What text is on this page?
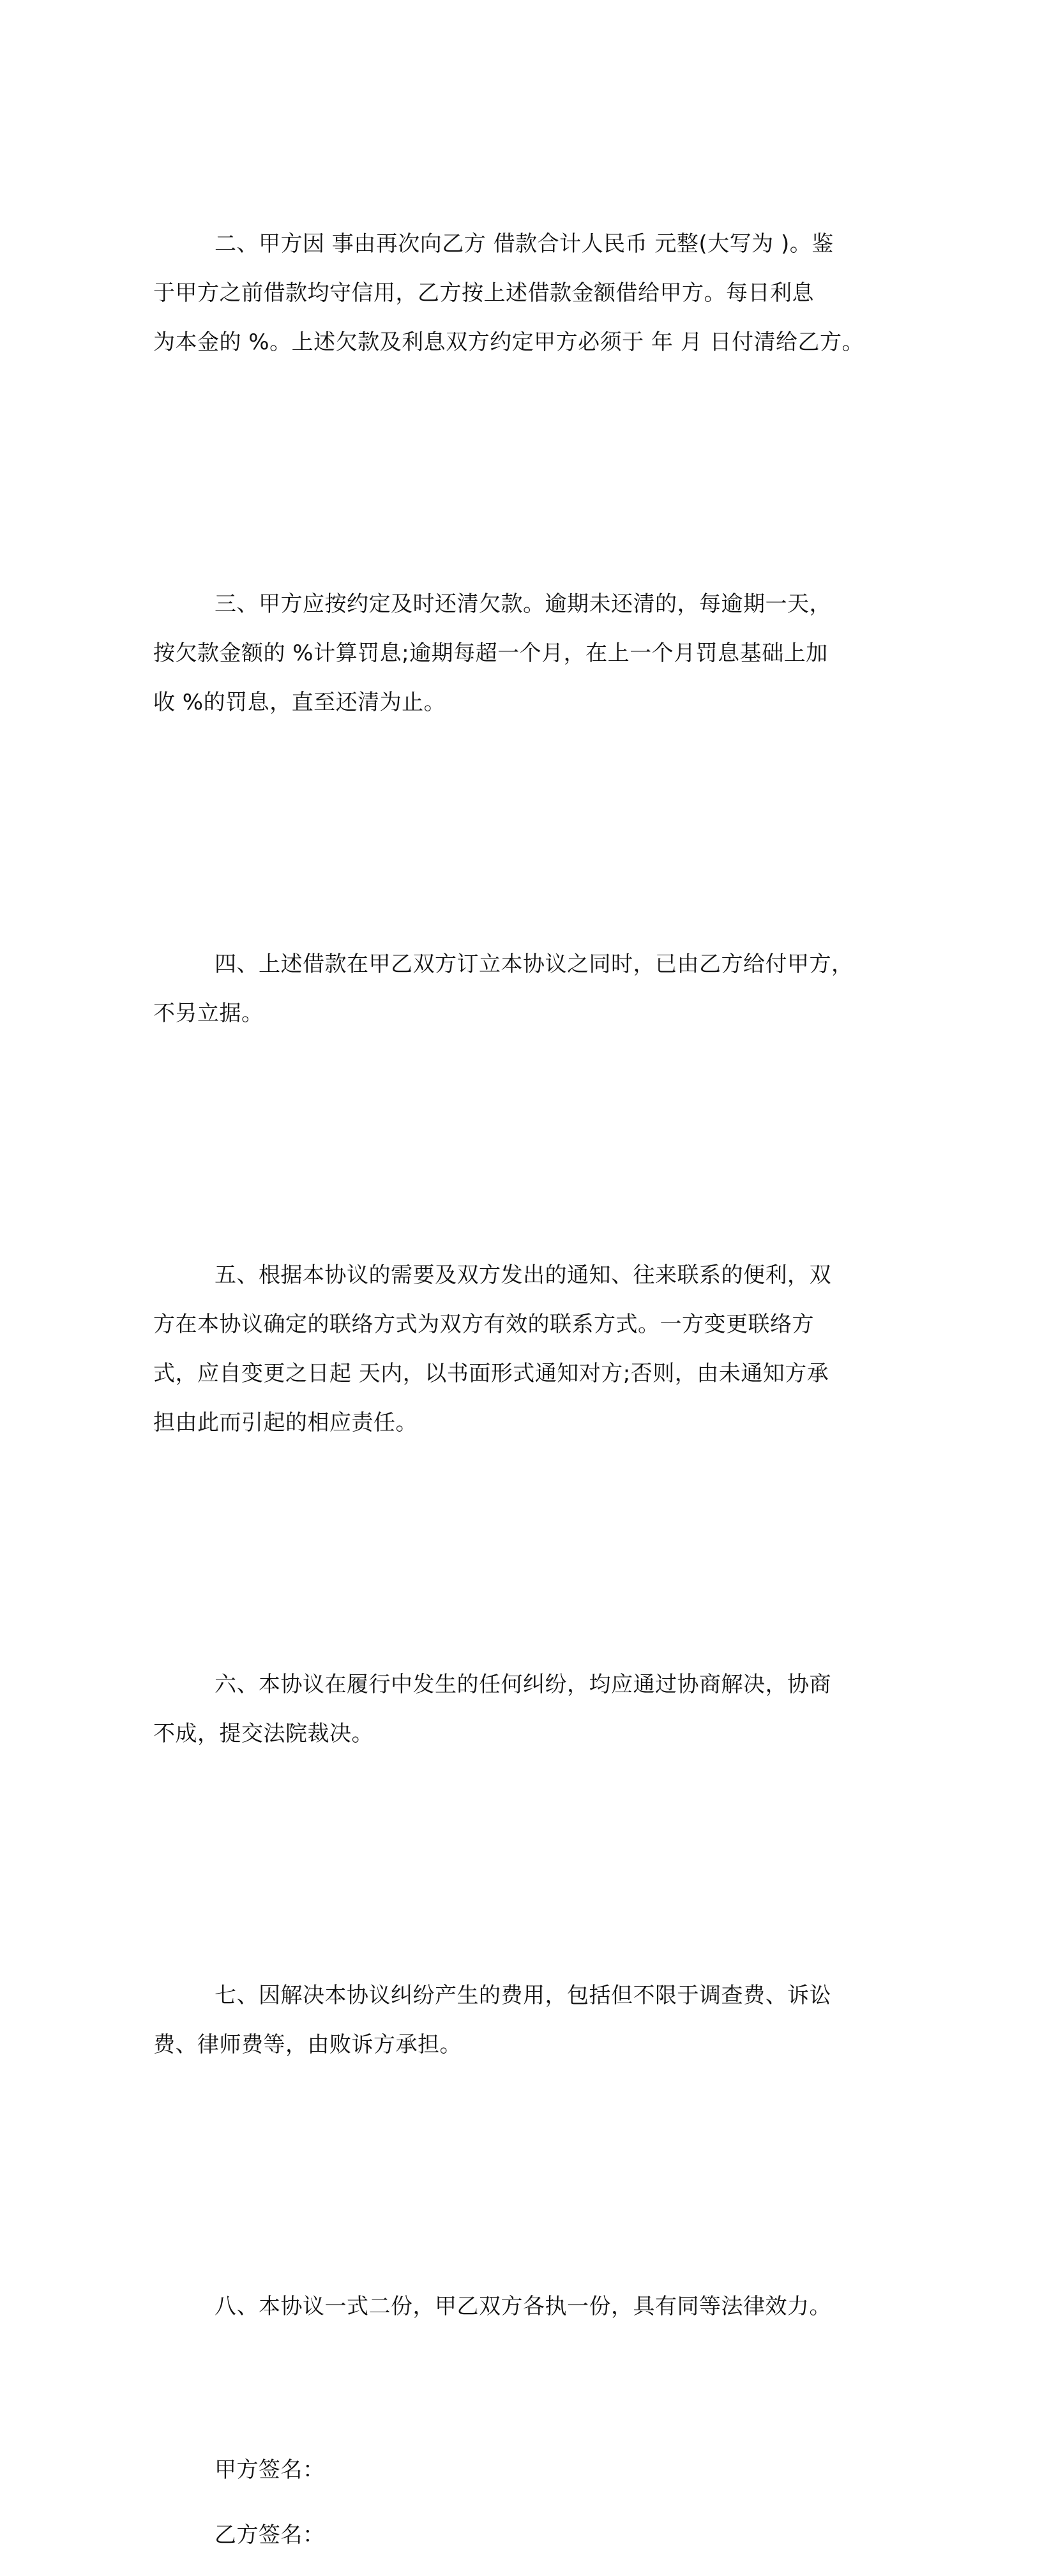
二、甲方因 事由再次向乙方 借款合计人民币 元整(大写为 )。鉴
于甲方之前借款均守信用，乙方按上述借款金额借给甲方。每日利息
为本金的 %。上述欠款及利息双方约定甲方必须于 年 月 日付清给乙方。

三、甲方应按约定及时还清欠款。逾期未还清的，每逾期一天，
按欠款金额的 %计算罚息;逾期每超一个月，在上一个月罚息基础上加
收 %的罚息，直至还清为止。

四、上述借款在甲乙双方订立本协议之同时，已由乙方给付甲方，
不另立据。

五、根据本协议的需要及双方发出的通知、往来联系的便利，双
方在本协议确定的联络方式为双方有效的联系方式。一方变更联络方
式，应自变更之日起 天内，以书面形式通知对方;否则，由未通知方承
担由此而引起的相应责任。

六、本协议在履行中发生的任何纠纷，均应通过协商解决，协商
不成，提交法院裁决。

七、因解决本协议纠纷产生的费用，包括但不限于调查费、诉讼
费、律师费等，由败诉方承担。

八、本协议一式二份，甲乙双方各执一份，具有同等法律效力。

甲方签名：

乙方签名：
